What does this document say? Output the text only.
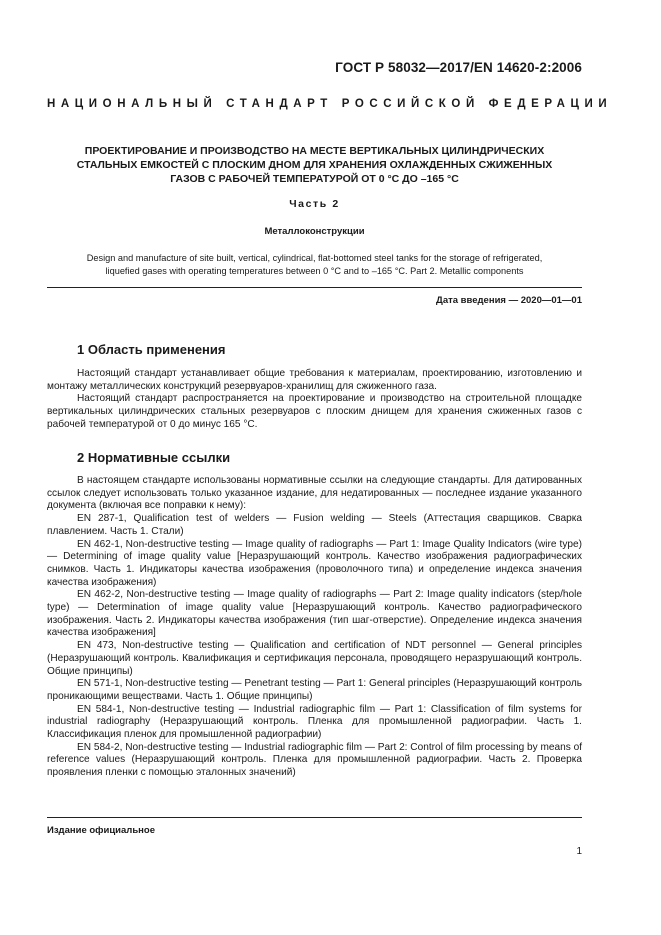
ГОСТ Р 58032—2017/EN 14620-2:2006
НАЦИОНАЛЬНЫЙ СТАНДАРТ РОССИЙСКОЙ ФЕДЕРАЦИИ
ПРОЕКТИРОВАНИЕ И ПРОИЗВОДСТВО НА МЕСТЕ ВЕРТИКАЛЬНЫХ ЦИЛИНДРИЧЕСКИХ
СТАЛЬНЫХ ЕМКОСТЕЙ С ПЛОСКИМ ДНОМ ДЛЯ ХРАНЕНИЯ ОХЛАЖДЕННЫХ СЖИЖЕННЫХ
ГАЗОВ С РАБОЧЕЙ ТЕМПЕРАТУРОЙ ОТ 0 °С ДО –165 °С
Часть 2
Металлоконструкции
Design and manufacture of site built, vertical, cylindrical, flat-bottomed steel tanks for the storage of refrigerated,
liquefied gases with operating temperatures between 0 °C and to –165 °C. Part 2. Metallic components
Дата введения — 2020—01—01
1 Область применения

Настоящий стандарт устанавливает общие требования к материалам, проектированию, изготовлению и монтажу металлических конструкций резервуаров-хранилищ для сжиженного газа.

Настоящий стандарт распространяется на проектирование и производство на строительной площадке вертикальных цилиндрических стальных резервуаров с плоским днищем для хранения сжиженных газов с рабочей температурой от 0 до минус 165 °С.

2 Нормативные ссылки

В настоящем стандарте использованы нормативные ссылки на следующие стандарты. Для датированных ссылок следует использовать только указанное издание, для недатированных — последнее издание указанного документа (включая все поправки к нему):

EN 287-1, Qualification test of welders — Fusion welding — Steels (Аттестация сварщиков. Сварка плавлением. Часть 1. Стали)

EN 462-1, Non-destructive testing — Image quality of radiographs — Part 1: Image Quality Indicators (wire type) — Determining of image quality value [Неразрушающий контроль. Качество изображения радиографических снимков. Часть 1. Индикаторы качества изображения (проволочного типа) и определение индекса значения качества изображения)

EN 462-2, Non-destructive testing — Image quality of radiographs — Part 2: Image quality indicators (step/hole type) — Determination of image quality value [Неразрушающий контроль. Качество радиографического изображения. Часть 2. Индикаторы качества изображения (тип шаг-отверстие). Определение индекса значения качества изображения]

EN 473, Non-destructive testing — Qualification and certification of NDT personnel — General principles (Неразрушающий контроль. Квалификация и сертификация персонала, проводящего неразрушающий контроль. Общие принципы)

EN 571-1, Non-destructive testing — Penetrant testing — Part 1: General principles (Неразрушающий контроль проникающими веществами. Часть 1. Общие принципы)

EN 584-1, Non-destructive testing — Industrial radiographic film — Part 1: Classification of film systems for industrial radiography (Неразрушающий контроль. Пленка для промышленной радиографии. Часть 1. Классификация пленок для промышленной радиографии)

EN 584-2, Non-destructive testing — Industrial radiographic film — Part 2: Control of film processing by means of reference values (Неразрушающий контроль. Пленка для промышленной радиографии. Часть 2. Проверка проявления пленки с помощью эталонных значений)

Издание официальное
1
